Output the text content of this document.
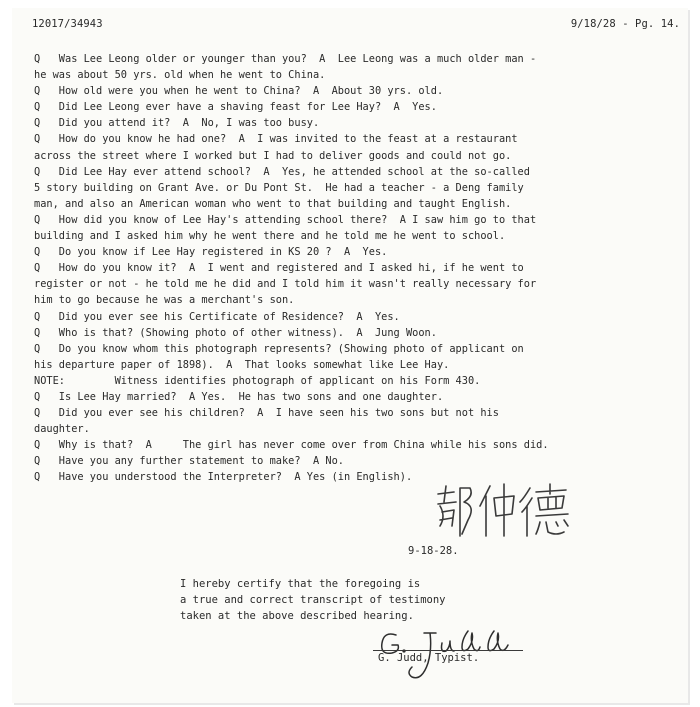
12017/34943	9/18/28 - Pg. 14.
Q   Was Lee Leong older or younger than you?  A  Lee Leong was a much older man -
he was about 50 yrs. old when he went to China.
Q   How old were you when he went to China?  A  About 30 yrs. old.
Q   Did Lee Leong ever have a shaving feast for Lee Hay?  A  Yes.
Q   Did you attend it?  A  No, I was too busy.
Q   How do you know he had one?  A  I was invited to the feast at a restaurant
across the street where I worked but I had to deliver goods and could not go.
Q   Did Lee Hay ever attend school?  A  Yes, he attended school at the so-called
5 story building on Grant Ave. or Du Pont St.  He had a teacher - a Deng family
man, and also an American woman who went to that building and taught English.
Q   How did you know of Lee Hay's attending school there?  A I saw him go to that
building and I asked him why he went there and he told me he went to school.
Q   Do you know if Lee Hay registered in KS 20 ?  A  Yes.
Q   How do you know it?  A  I went and registered and I asked hi, if he went to
register or not - he told me he did and I told him it wasn't really necessary for
him to go because he was a merchant's son.
Q   Did you ever see his Certificate of Residence?  A  Yes.
Q   Who is that? (Showing photo of other witness).  A  Jung Woon.
Q   Do you know whom this photograph represents? (Showing photo of applicant on
his departure paper of 1898).  A  That looks somewhat like Lee Hay.
NOTE:        Witness identifies photograph of applicant on his Form 430.
Q   Is Lee Hay married?  A Yes.  He has two sons and one daughter.
Q   Did you ever see his children?  A  I have seen his two sons but not his
daughter.
Q   Why is that?  A     The girl has never come over from China while his sons did.
Q   Have you any further statement to make?  A No.
Q   Have you understood the Interpreter?  A Yes (in English).
9-18-28.
I hereby certify that the foregoing is
a true and correct transcript of testimony
taken at the above described hearing.
G. Judd, Typist.
